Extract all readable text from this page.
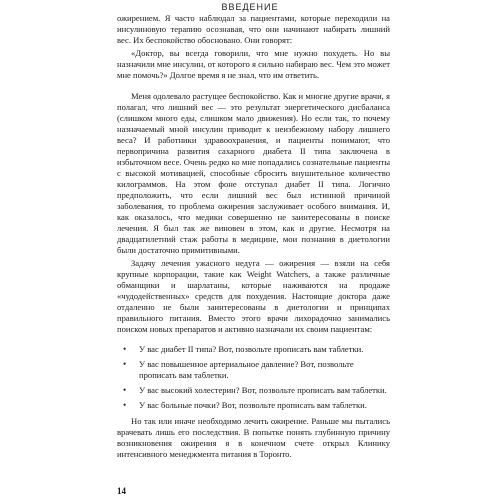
ВВЕДЕНИЕ

ожирением. Я часто наблюдал за пациентами, которые переходили на инсулиновую терапию осознавая, что они начинают набирать лишний вес. Их беспокойство обосновано. Они говорят:

«Доктор, вы всегда говорили, что мне нужно похудеть. Но вы назначили мне инсулин, от которого я сильно набираю вес. Чем это может мне помочь?» Долгое время я не знал, что им ответить.

Меня одолевало растущее беспокойство. Как и многие другие врачи, я полагал, что лишний вес — это результат энергетического дисбаланса (слишком много еды, слишком мало движения). Но если так, то почему назначаемый мной инсулин приводит к неизбежному набору лишнего веса? И работники здравоохранения, и пациенты понимают, что первопричина развития сахарного диабета II типа заключена в избыточном весе. Очень редко ко мне попадались сознательные пациенты с высокой мотивацией, способные сбросить внушительное количество килограммов. На этом фоне отступал диабет II типа. Логично предположить, что если лишний вес был истинной причиной заболевания, то проблема ожирения заслуживает особого внимания. И, как оказалось, что медики совершенно не заинтересованы в поиске лечения. Я был так же виновен в этом, как и другие. Несмотря на двадцатилетний стаж работы в медицине, мои познания в диетологии были достаточно примитивными.

Задачу лечения ужасного недуга — ожирения — взяли на себя крупные корпорации, такие как Weight Watchers, а также различные обманщики и шарлатаны, которые наживаются на продаже «чудодейственных» средств для похудения. Настоящие доктора даже отдаленно не были заинтересованы в диетологии и принципах правильного питания. Вместо этого врачи лихорадочно занимались поиском новых препаратов и активно назначали их своим пациентам:

• У вас диабет II типа? Вот, позвольте прописать вам таблетки.
• У вас повышенное артериальное давление? Вот, позвольте прописать вам таблетки.
• У вас высокий холестерин? Вот, позвольте прописать вам таблетки.
• У вас больные почки? Вот, позвольте прописать вам таблетки.

Но так или иначе необходимо лечить ожирение. Раньше мы пытались врачевать лишь его последствия. В попытке понять глубинную причину возникновения ожирения я в конечном счете открыл Клинику интенсивного менеджмента питания в Торонто.

14
